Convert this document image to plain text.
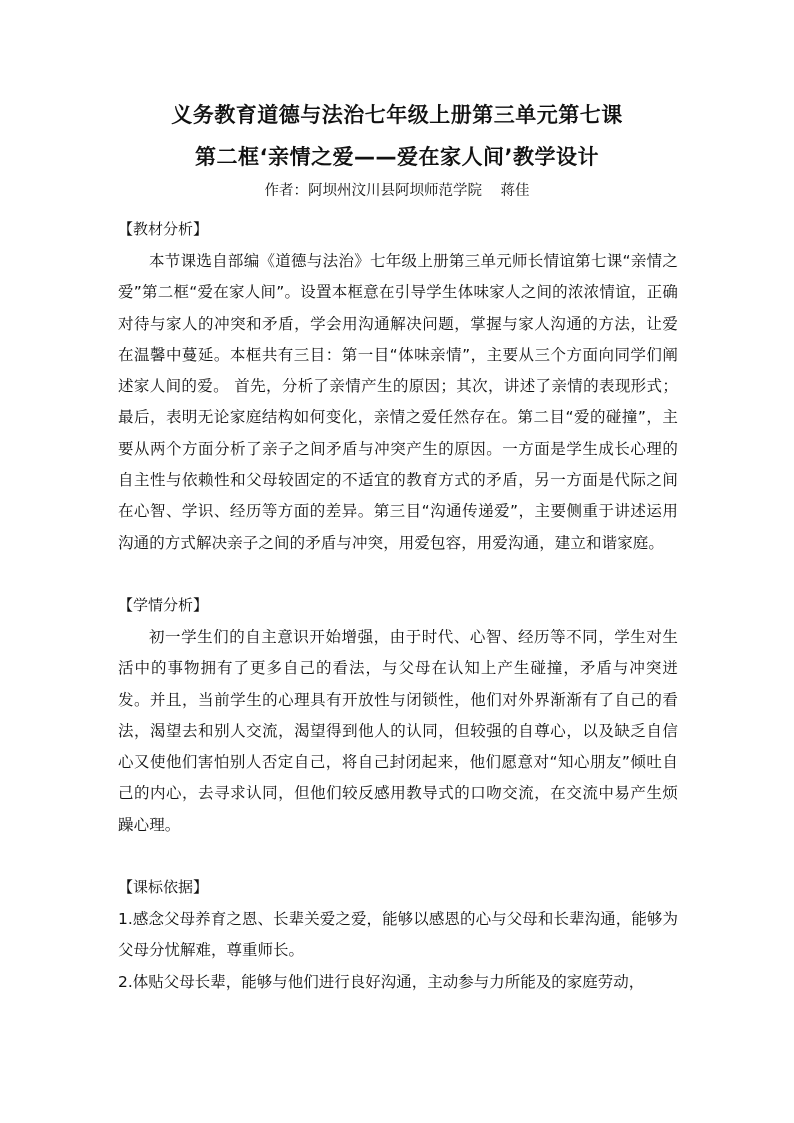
义务教育道德与法治七年级上册第三单元第七课
第二框‘亲情之爱——爱在家人间’教学设计
作者：阿坝州汶川县阿坝师范学院    蒋佳
【教材分析】

本节课选自部编《道德与法治》七年级上册第三单元师长情谊第七课“亲情之爱”第二框“爱在家人间”。设置本框意在引导学生体味家人之间的浓浓情谊，正确对待与家人的冲突和矛盾，学会用沟通解决问题，掌握与家人沟通的方法，让爱在温馨中蔓延。本框共有三目：第一目“体味亲情”，主要从三个方面向同学们阐述家人间的爱。 首先，分析了亲情产生的原因；其次，讲述了亲情的表现形式；最后，表明无论家庭结构如何变化，亲情之爱任然存在。第二目“爱的碰撞”，主要从两个方面分析了亲子之间矛盾与冲突产生的原因。一方面是学生成长心理的自主性与依赖性和父母较固定的不适宜的教育方式的矛盾，另一方面是代际之间在心智、学识、经历等方面的差异。第三目“沟通传递爱”，主要侧重于讲述运用沟通的方式解决亲子之间的矛盾与冲突，用爱包容，用爱沟通，建立和谐家庭。

【学情分析】

初一学生们的自主意识开始增强，由于时代、心智、经历等不同，学生对生活中的事物拥有了更多自己的看法，与父母在认知上产生碰撞，矛盾与冲突迸发。并且，当前学生的心理具有开放性与闭锁性，他们对外界渐渐有了自己的看法，渴望去和别人交流，渴望得到他人的认同，但较强的自尊心，以及缺乏自信心又使他们害怕别人否定自己，将自己封闭起来，他们愿意对“知心朋友”倾吐自己的内心，去寻求认同，但他们较反感用教导式的口吻交流，在交流中易产生烦躁心理。

【课标依据】

1.感念父母养育之恩、长辈关爱之爱，能够以感恩的心与父母和长辈沟通，能够为父母分忧解难，尊重师长。

2.体贴父母长辈，能够与他们进行良好沟通，主动参与力所能及的家庭劳动，
